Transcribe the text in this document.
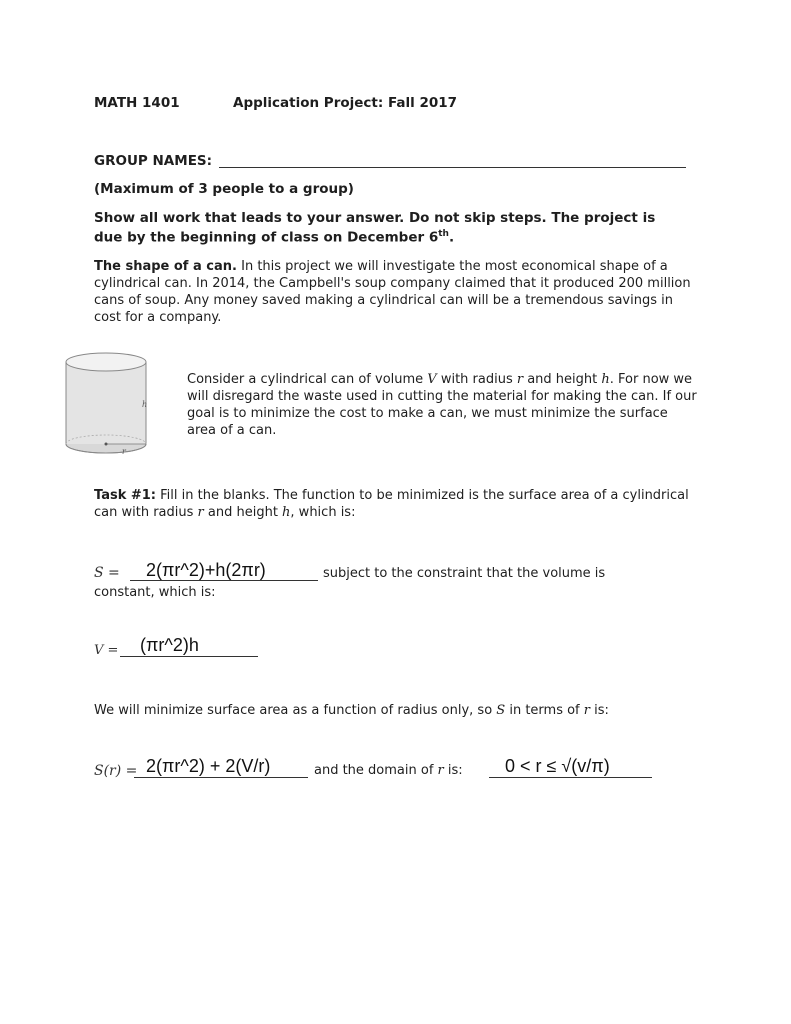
MATH 1401	Application Project: Fall 2017
GROUP NAMES:
(Maximum of 3 people to a group)
Show all work that leads to your answer. Do not skip steps. The project is
due by the beginning of class on December 6th.
The shape of a can. In this project we will investigate the most economical shape of a cylindrical can. In 2014, the Campbell's soup company claimed that it produced 200 million cans of soup. Any money saved making a cylindrical can will be a tremendous savings in cost for a company.
h
r
Consider a cylindrical can of volume V with radius r and height h. For now we will disregard the waste used in cutting the material for making the can. If our goal is to minimize the cost to make a can, we must minimize the surface area of a can.
Task #1: Fill in the blanks. The function to be minimized is the surface area of a cylindrical can with radius r and height h, which is:
S = 2(πr^2)+h(2πr)	subject to the constraint that the volume is
constant, which is:
V = (πr^2)h
We will minimize surface area as a function of radius only, so S in terms of r is:
S(r) = 2(πr^2) + 2(V/r)	and the domain of r is: 0 < r ≤ √(v/π)
